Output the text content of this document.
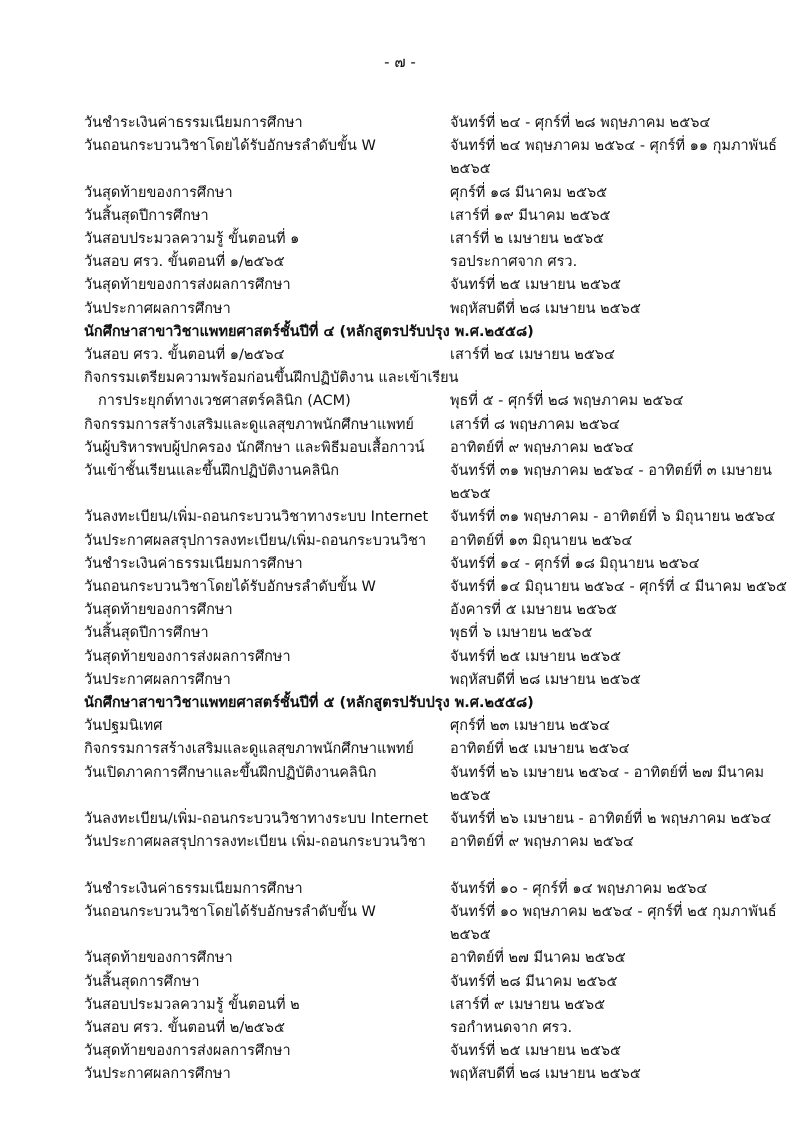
- ๗ -
วันชำระเงินค่าธรรมเนียมการศึกษา	จันทร์ที่ ๒๔ - ศุกร์ที่ ๒๘ พฤษภาคม ๒๕๖๔
วันถอนกระบวนวิชาโดยได้รับอักษรลำดับขั้น W	จันทร์ที่ ๒๔ พฤษภาคม ๒๕๖๔ - ศุกร์ที่ ๑๑ กุมภาพันธ์
๒๕๖๕
วันสุดท้ายของการศึกษา	ศุกร์ที่ ๑๘ มีนาคม ๒๕๖๕
วันสิ้นสุดปีการศึกษา	เสาร์ที่ ๑๙ มีนาคม ๒๕๖๕
วันสอบประมวลความรู้ ขั้นตอนที่ ๑	เสาร์ที่ ๒ เมษายน ๒๕๖๕
วันสอบ ศรว. ขั้นตอนที่ ๑/๒๕๖๕	รอประกาศจาก ศรว.
วันสุดท้ายของการส่งผลการศึกษา	จันทร์ที่ ๒๕ เมษายน ๒๕๖๕
วันประกาศผลการศึกษา	พฤหัสบดีที่ ๒๘ เมษายน ๒๕๖๕
นักศึกษาสาขาวิชาแพทยศาสตร์ชั้นปีที่ ๔ (หลักสูตรปรับปรุง พ.ศ.๒๕๕๘)
วันสอบ ศรว. ขั้นตอนที่ ๑/๒๕๖๔	เสาร์ที่ ๒๔ เมษายน ๒๕๖๔
กิจกรรมเตรียมความพร้อมก่อนขึ้นฝึกปฏิบัติงาน และเข้าเรียน
การประยุกต์ทางเวชศาสตร์คลินิก (ACM)	พุธที่ ๕ - ศุกร์ที่ ๒๘ พฤษภาคม ๒๕๖๔
กิจกรรมการสร้างเสริมและดูแลสุขภาพนักศึกษาแพทย์	เสาร์ที่ ๘ พฤษภาคม ๒๕๖๔
วันผู้บริหารพบผู้ปกครอง นักศึกษา และพิธีมอบเสื้อกาวน์	อาทิตย์ที่ ๙ พฤษภาคม ๒๕๖๔
วันเข้าชั้นเรียนและขึ้นฝึกปฏิบัติงานคลินิก	จันทร์ที่ ๓๑ พฤษภาคม ๒๕๖๔ - อาทิตย์ที่ ๓ เมษายน
๒๕๖๕
วันลงทะเบียน/เพิ่ม-ถอนกระบวนวิชาทางระบบ Internet	จันทร์ที่ ๓๑ พฤษภาคม - อาทิตย์ที่ ๖ มิถุนายน ๒๕๖๔
วันประกาศผลสรุปการลงทะเบียน/เพิ่ม-ถอนกระบวนวิชา	อาทิตย์ที่ ๑๓ มิถุนายน ๒๕๖๔
วันชำระเงินค่าธรรมเนียมการศึกษา	จันทร์ที่ ๑๔ - ศุกร์ที่ ๑๘ มิถุนายน ๒๕๖๔
วันถอนกระบวนวิชาโดยได้รับอักษรลำดับขั้น W	จันทร์ที่ ๑๔ มิถุนายน ๒๕๖๔ - ศุกร์ที่ ๔ มีนาคม ๒๕๖๕
วันสุดท้ายของการศึกษา	อังคารที่ ๕ เมษายน ๒๕๖๕
วันสิ้นสุดปีการศึกษา	พุธที่ ๖ เมษายน ๒๕๖๕
วันสุดท้ายของการส่งผลการศึกษา	จันทร์ที่ ๒๕ เมษายน ๒๕๖๕
วันประกาศผลการศึกษา	พฤหัสบดีที่ ๒๘ เมษายน ๒๕๖๕
นักศึกษาสาขาวิชาแพทยศาสตร์ชั้นปีที่ ๕ (หลักสูตรปรับปรุง พ.ศ.๒๕๕๘)
วันปฐมนิเทศ	ศุกร์ที่ ๒๓ เมษายน ๒๕๖๔
กิจกรรมการสร้างเสริมและดูแลสุขภาพนักศึกษาแพทย์	อาทิตย์ที่ ๒๕ เมษายน ๒๕๖๔
วันเปิดภาคการศึกษาและขึ้นฝึกปฏิบัติงานคลินิก	จันทร์ที่ ๒๖ เมษายน ๒๕๖๔ - อาทิตย์ที่ ๒๗ มีนาคม
๒๕๖๕
วันลงทะเบียน/เพิ่ม-ถอนกระบวนวิชาทางระบบ Internet	จันทร์ที่ ๒๖ เมษายน - อาทิตย์ที่ ๒ พฤษภาคม ๒๕๖๔
วันประกาศผลสรุปการลงทะเบียน เพิ่ม-ถอนกระบวนวิชา	อาทิตย์ที่ ๙ พฤษภาคม ๒๕๖๔
วันชำระเงินค่าธรรมเนียมการศึกษา	จันทร์ที่ ๑๐ - ศุกร์ที่ ๑๔ พฤษภาคม ๒๕๖๔
วันถอนกระบวนวิชาโดยได้รับอักษรลำดับขั้น W	จันทร์ที่ ๑๐ พฤษภาคม ๒๕๖๔ - ศุกร์ที่ ๒๕ กุมภาพันธ์
๒๕๖๕
วันสุดท้ายของการศึกษา	อาทิตย์ที่ ๒๗ มีนาคม ๒๕๖๕
วันสิ้นสุดการศึกษา	จันทร์ที่ ๒๘ มีนาคม ๒๕๖๕
วันสอบประมวลความรู้ ขั้นตอนที่ ๒	เสาร์ที่ ๙ เมษายน ๒๕๖๕
วันสอบ ศรว. ขั้นตอนที่ ๒/๒๕๖๕	รอกำหนดจาก ศรว.
วันสุดท้ายของการส่งผลการศึกษา	จันทร์ที่ ๒๕ เมษายน ๒๕๖๕
วันประกาศผลการศึกษา	พฤหัสบดีที่ ๒๘ เมษายน ๒๕๖๕
